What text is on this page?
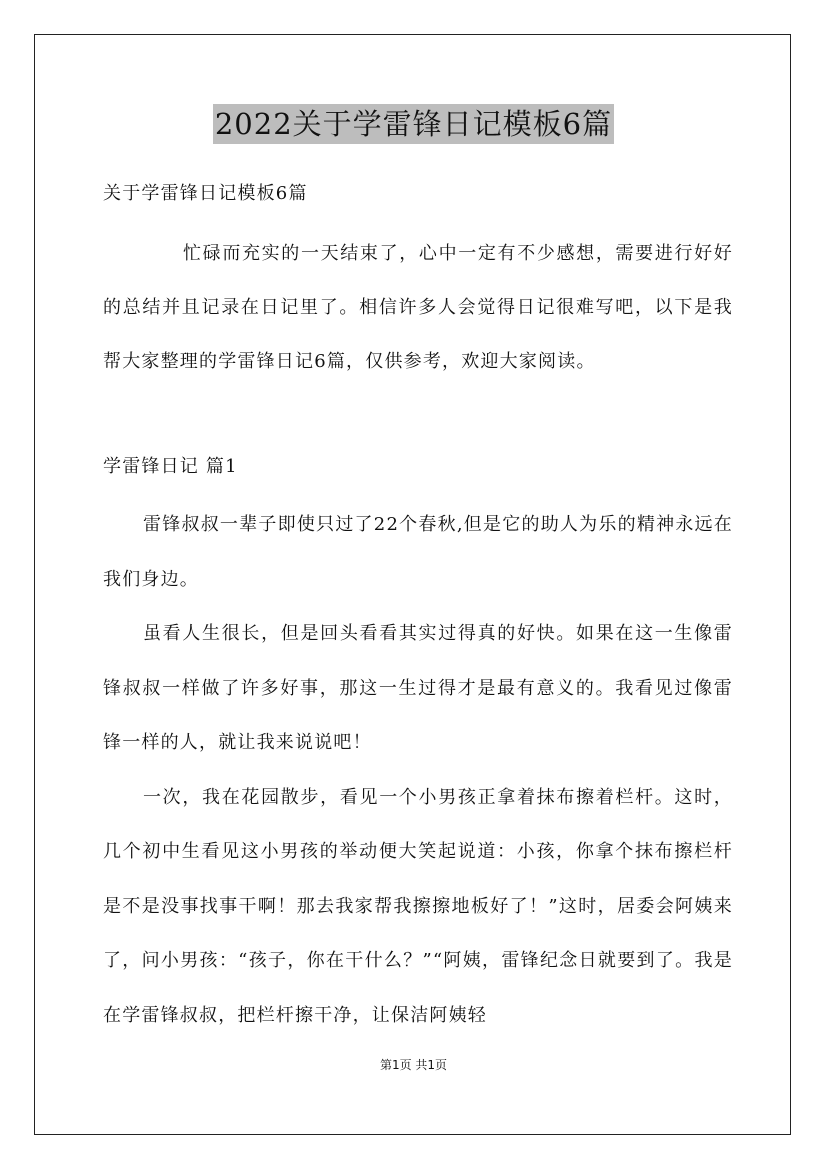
2022关于学雷锋日记模板6篇

关于学雷锋日记模板6篇

忙碌而充实的一天结束了，心中一定有不少感想，需要进行好好的总结并且记录在日记里了。相信许多人会觉得日记很难写吧，以下是我帮大家整理的学雷锋日记6篇，仅供参考，欢迎大家阅读。

学雷锋日记 篇1

雷锋叔叔一辈子即使只过了22个春秋,但是它的助人为乐的精神永远在我们身边。

虽看人生很长，但是回头看看其实过得真的好快。如果在这一生像雷锋叔叔一样做了许多好事，那这一生过得才是最有意义的。我看见过像雷锋一样的人，就让我来说说吧！

一次，我在花园散步，看见一个小男孩正拿着抹布擦着栏杆。这时，几个初中生看见这小男孩的举动便大笑起说道：小孩，你拿个抹布擦栏杆是不是没事找事干啊！那去我家帮我擦擦地板好了！”这时，居委会阿姨来了，问小男孩：“孩子，你在干什么？”“阿姨，雷锋纪念日就要到了。我是在学雷锋叔叔，把栏杆擦干净，让保洁阿姨轻

第1页 共1页
